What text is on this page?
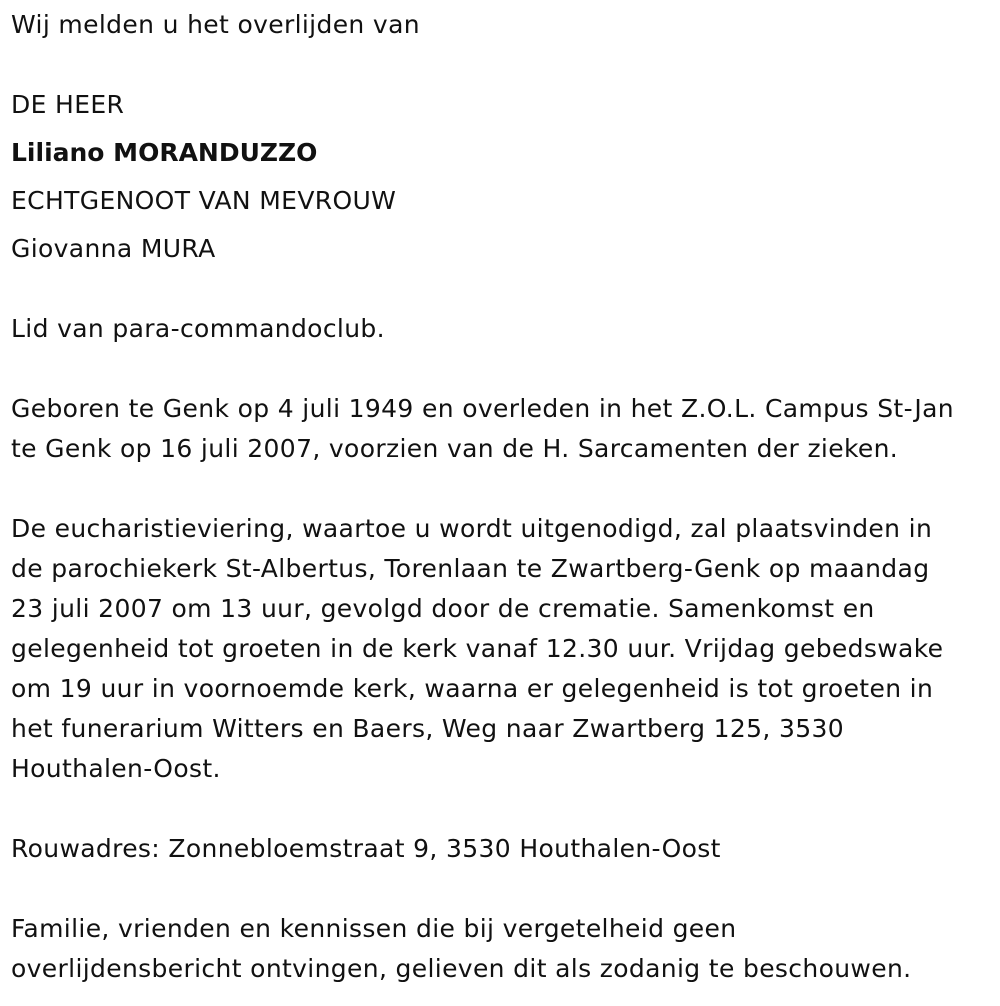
Wij melden u het overlijden van

DE HEER

Liliano MORANDUZZO

ECHTGENOOT VAN MEVROUW

Giovanna MURA

Lid van para-commandoclub.

Geboren te Genk op 4 juli 1949 en overleden in het Z.O.L. Campus St-Jan

te Genk op 16 juli 2007, voorzien van de H. Sarcamenten der zieken.

De eucharistieviering, waartoe u wordt uitgenodigd, zal plaatsvinden in

de parochiekerk St-Albertus, Torenlaan te Zwartberg-Genk op maandag

23 juli 2007 om 13 uur, gevolgd door de crematie. Samenkomst en

gelegenheid tot groeten in de kerk vanaf 12.30 uur. Vrijdag gebedswake

om 19 uur in voornoemde kerk, waarna er gelegenheid is tot groeten in

het funerarium Witters en Baers, Weg naar Zwartberg 125, 3530

Houthalen-Oost.

Rouwadres: Zonnebloemstraat 9, 3530 Houthalen-Oost

Familie, vrienden en kennissen die bij vergetelheid geen

overlijdensbericht ontvingen, gelieven dit als zodanig te beschouwen.
